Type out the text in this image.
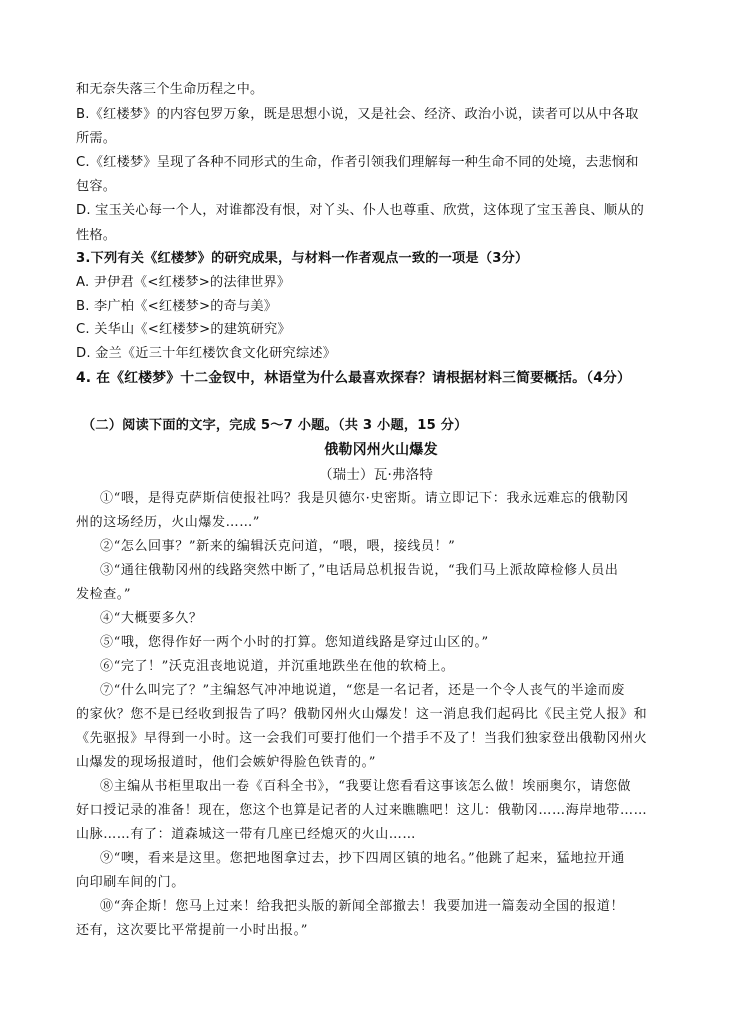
和无奈失落三个生命历程之中。
B.《红楼梦》的内容包罗万象，既是思想小说，又是社会、经济、政治小说，读者可以从中各取
所需。
C.《红楼梦》呈现了各种不同形式的生命，作者引领我们理解每一种生命不同的处境，去悲悯和
包容。
D. 宝玉关心每一个人，对谁都没有恨，对丫头、仆人也尊重、欣赏，这体现了宝玉善良、顺从的
性格。
3.下列有关《红楼梦》的研究成果，与材料一作者观点一致的一项是（3分）
A. 尹伊君《<红楼梦>的法律世界》
B. 李广柏《<红楼梦>的奇与美》
C. 关华山《<红楼梦>的建筑研究》
D. 金兰《近三十年红楼饮食文化研究综述》
4. 在《红楼梦》十二金钗中，林语堂为什么最喜欢探春？请根据材料三简要概括。（4分）
（二）阅读下面的文字，完成 5～7 小题。（共 3 小题，15 分）
俄勒冈州火山爆发
（瑞士）瓦·弗洛特
①“喂，是得克萨斯信使报社吗？我是贝德尔·史密斯。请立即记下：我永远难忘的俄勒冈
州的这场经历，火山爆发……”
②“怎么回事？”新来的编辑沃克问道，“喂，喂，接线员！”
③“通往俄勒冈州的线路突然中断了，”电话局总机报告说，“我们马上派故障检修人员出
发检查。”
④“大概要多久？
⑤“哦，您得作好一两个小时的打算。您知道线路是穿过山区的。”
⑥“完了！”沃克沮丧地说道，并沉重地跌坐在他的软椅上。
⑦“什么叫完了？”主编怒气冲冲地说道，“您是一名记者，还是一个令人丧气的半途而废
的家伙？您不是已经收到报告了吗？俄勒冈州火山爆发！这一消息我们起码比《民主党人报》和
《先驱报》早得到一小时。这一会我们可要打他们一个措手不及了！当我们独家登出俄勒冈州火
山爆发的现场报道时，他们会嫉妒得脸色铁青的。”
⑧主编从书柜里取出一卷《百科全书》，“我要让您看看这事该怎么做！埃丽奥尔，请您做
好口授记录的准备！现在，您这个也算是记者的人过来瞧瞧吧！这儿：俄勒冈……海岸地带……
山脉……有了：道森城这一带有几座已经熄灭的火山……
⑨“噢，看来是这里。您把地图拿过去，抄下四周区镇的地名。”他跳了起来，猛地拉开通
向印刷车间的门。
⑩“奔企斯！您马上过来！给我把头版的新闻全部撤去！我要加进一篇轰动全国的报道！
还有，这次要比平常提前一小时出报。”
